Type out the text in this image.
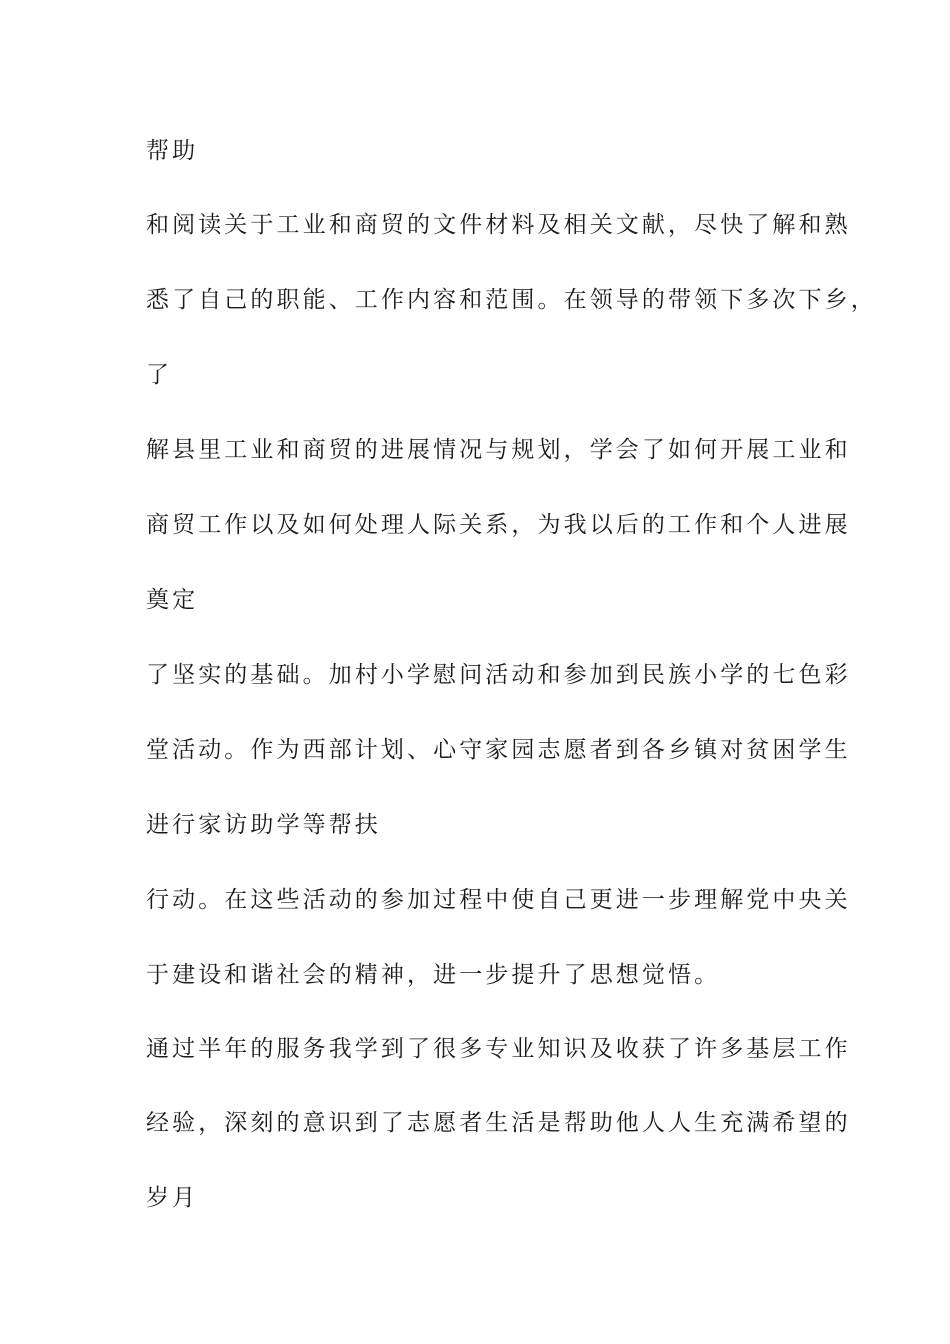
帮助
和阅读关于工业和商贸的文件材料及相关文献，尽快了解和熟
悉了自己的职能、工作内容和范围。在领导的带领下多次下乡，
了
解县里工业和商贸的进展情况与规划，学会了如何开展工业和
商贸工作以及如何处理人际关系，为我以后的工作和个人进展
奠定
了坚实的基础。加村小学慰问活动和参加到民族小学的七色彩
堂活动。作为西部计划、心守家园志愿者到各乡镇对贫困学生
进行家访助学等帮扶
行动。在这些活动的参加过程中使自己更进一步理解党中央关
于建设和谐社会的精神，进一步提升了思想觉悟。
通过半年的服务我学到了很多专业知识及收获了许多基层工作
经验，深刻的意识到了志愿者生活是帮助他人人生充满希望的
岁月
